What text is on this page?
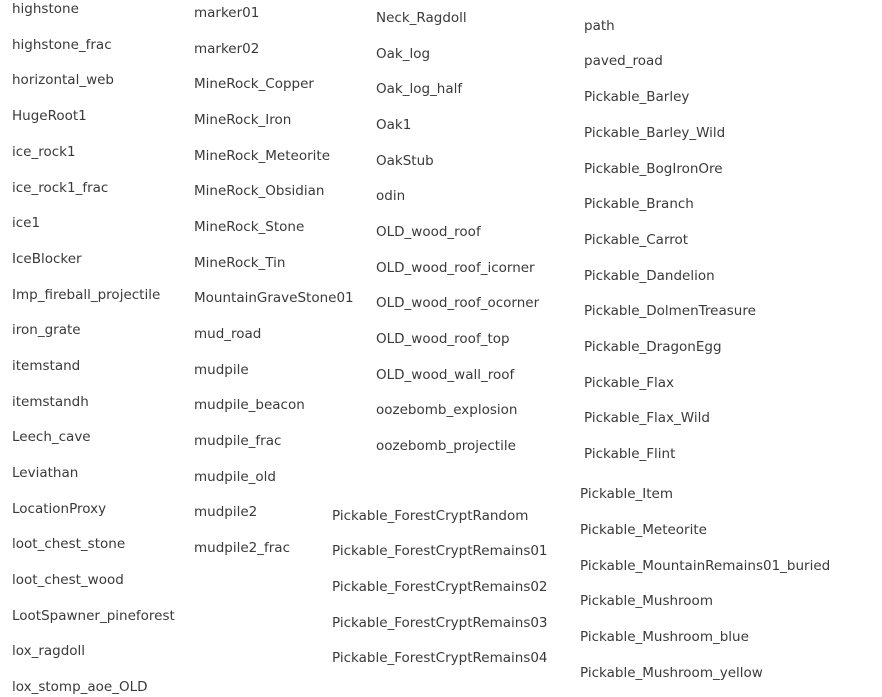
highstone
highstone_frac
horizontal_web
HugeRoot1
ice_rock1
ice_rock1_frac
ice1
IceBlocker
Imp_fireball_projectile
iron_grate
itemstand
itemstandh
Leech_cave
Leviathan
LocationProxy
loot_chest_stone
loot_chest_wood
LootSpawner_pineforest
lox_ragdoll
lox_stomp_aoe_OLD
marker01
marker02
MineRock_Copper
MineRock_Iron
MineRock_Meteorite
MineRock_Obsidian
MineRock_Stone
MineRock_Tin
MountainGraveStone01
mud_road
mudpile
mudpile_beacon
mudpile_frac
mudpile_old
mudpile2
mudpile2_frac
Neck_Ragdoll
Oak_log
Oak_log_half
Oak1
OakStub
odin
OLD_wood_roof
OLD_wood_roof_icorner
OLD_wood_roof_ocorner
OLD_wood_roof_top
OLD_wood_wall_roof
oozebomb_explosion
oozebomb_projectile
Pickable_ForestCryptRandom
Pickable_ForestCryptRemains01
Pickable_ForestCryptRemains02
Pickable_ForestCryptRemains03
Pickable_ForestCryptRemains04
path
paved_road
Pickable_Barley
Pickable_Barley_Wild
Pickable_BogIronOre
Pickable_Branch
Pickable_Carrot
Pickable_Dandelion
Pickable_DolmenTreasure
Pickable_DragonEgg
Pickable_Flax
Pickable_Flax_Wild
Pickable_Flint
Pickable_Item
Pickable_Meteorite
Pickable_MountainRemains01_buried
Pickable_Mushroom
Pickable_Mushroom_blue
Pickable_Mushroom_yellow
